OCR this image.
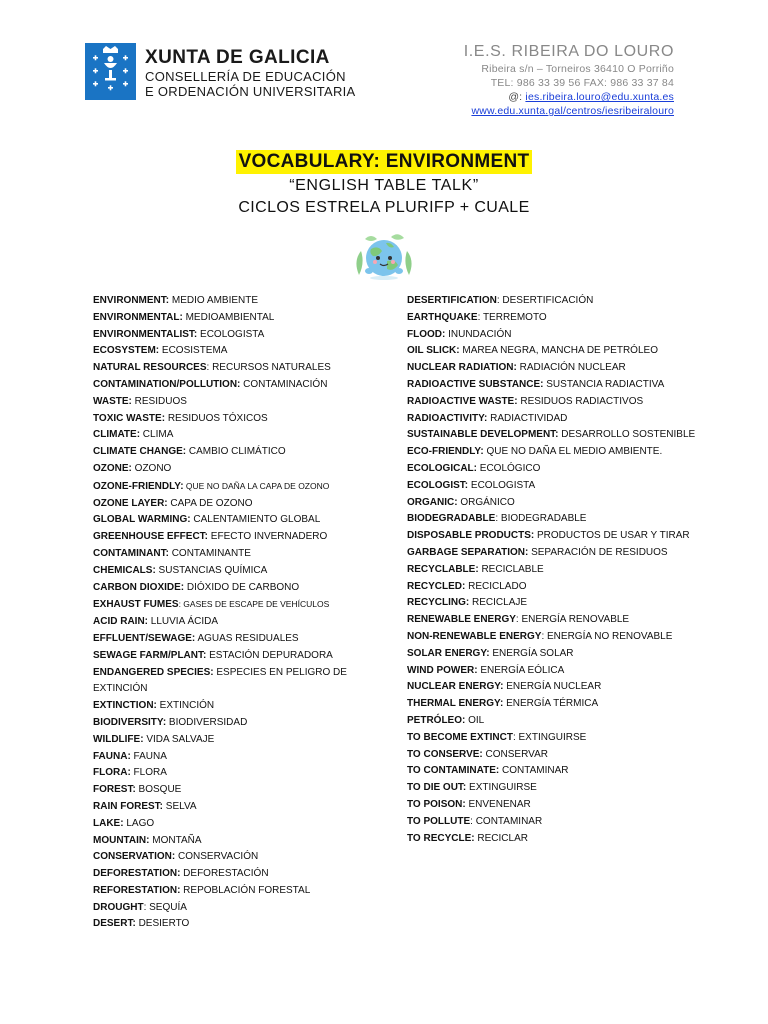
XUNTA DE GALICIA
CONSELLERÍA DE EDUCACIÓN
E ORDENACIÓN UNIVERSITARIA
I.E.S. RIBEIRA DO LOURO
Ribeira s/n – Torneiros 36410 O Porriño
TEL: 986 33 39 56 FAX: 986 33 37 84
@: ies.ribeira.louro@edu.xunta.es
www.edu.xunta.gal/centros/iesribeiralouro
VOCABULARY: ENVIRONMENT
“ENGLISH TABLE TALK”
CICLOS ESTRELA PLURIFP + CUALE
ENVIRONMENT: MEDIO AMBIENTE
ENVIRONMENTAL: MEDIOAMBIENTAL
ENVIRONMENTALIST: ECOLOGISTA
ECOSYSTEM: ECOSISTEMA
NATURAL RESOURCES: RECURSOS NATURALES
CONTAMINATION/POLLUTION: CONTAMINACIÓN
WASTE: RESIDUOS
TOXIC WASTE: RESIDUOS TÓXICOS
CLIMATE: CLIMA
CLIMATE CHANGE: CAMBIO CLIMÁTICO
OZONE: OZONO
OZONE-FRIENDLY: QUE NO DAÑA LA CAPA DE OZONO
OZONE LAYER: CAPA DE OZONO
GLOBAL WARMING: CALENTAMIENTO GLOBAL
GREENHOUSE EFFECT: EFECTO INVERNADERO
CONTAMINANT: CONTAMINANTE
CHEMICALS: SUSTANCIAS QUÍMICA
CARBON DIOXIDE: DIÓXIDO DE CARBONO
EXHAUST FUMES: GASES DE ESCAPE DE VEHÍCULOS
ACID RAIN: LLUVIA ÁCIDA
EFFLUENT/SEWAGE: AGUAS RESIDUALES
SEWAGE FARM/PLANT: ESTACIÓN DEPURADORA
ENDANGERED SPECIES: ESPECIES EN PELIGRO DE EXTINCIÓN
EXTINCTION: EXTINCIÓN
BIODIVERSITY: BIODIVERSIDAD
WILDLIFE: VIDA SALVAJE
FAUNA: FAUNA
FLORA: FLORA
FOREST: BOSQUE
RAIN FOREST: SELVA
LAKE: LAGO
MOUNTAIN: MONTAÑA
CONSERVATION: CONSERVACIÓN
DEFORESTATION: DEFORESTACIÓN
REFORESTATION: REPOBLACIÓN FORESTAL
DROUGHT: SEQUÍA
DESERT: DESIERTO
DESERTIFICATION: DESERTIFICACIÓN
EARTHQUAKE: TERREMOTO
FLOOD: INUNDACIÓN
OIL SLICK: MAREA NEGRA, MANCHA DE PETRÓLEO
NUCLEAR RADIATION: RADIACIÓN NUCLEAR
RADIOACTIVE SUBSTANCE: SUSTANCIA RADIACTIVA
RADIOACTIVE WASTE: RESIDUOS RADIACTIVOS
RADIOACTIVITY: RADIACTIVIDAD
SUSTAINABLE DEVELOPMENT: DESARROLLO SOSTENIBLE
ECO-FRIENDLY: QUE NO DAÑA EL MEDIO AMBIENTE.
ECOLOGICAL: ECOLÓGICO
ECOLOGIST: ECOLOGISTA
ORGANIC: ORGÁNICO
BIODEGRADABLE: BIODEGRADABLE
DISPOSABLE PRODUCTS: PRODUCTOS DE USAR Y TIRAR
GARBAGE SEPARATION: SEPARACIÓN DE RESIDUOS
RECYCLABLE: RECICLABLE
RECYCLED: RECICLADO
RECYCLING: RECICLAJE
RENEWABLE ENERGY: ENERGÍA RENOVABLE
NON-RENEWABLE ENERGY: ENERGÍA NO RENOVABLE
SOLAR ENERGY: ENERGÍA SOLAR
WIND POWER: ENERGÍA EÓLICA
NUCLEAR ENERGY: ENERGÍA NUCLEAR
THERMAL ENERGY: ENERGÍA TÉRMICA
PETRÓLEO: OIL
TO BECOME EXTINCT: EXTINGUIRSE
TO CONSERVE: CONSERVAR
TO CONTAMINATE: CONTAMINAR
TO DIE OUT: EXTINGUIRSE
TO POISON: ENVENENAR
TO POLLUTE: CONTAMINAR
TO RECYCLE: RECICLAR
